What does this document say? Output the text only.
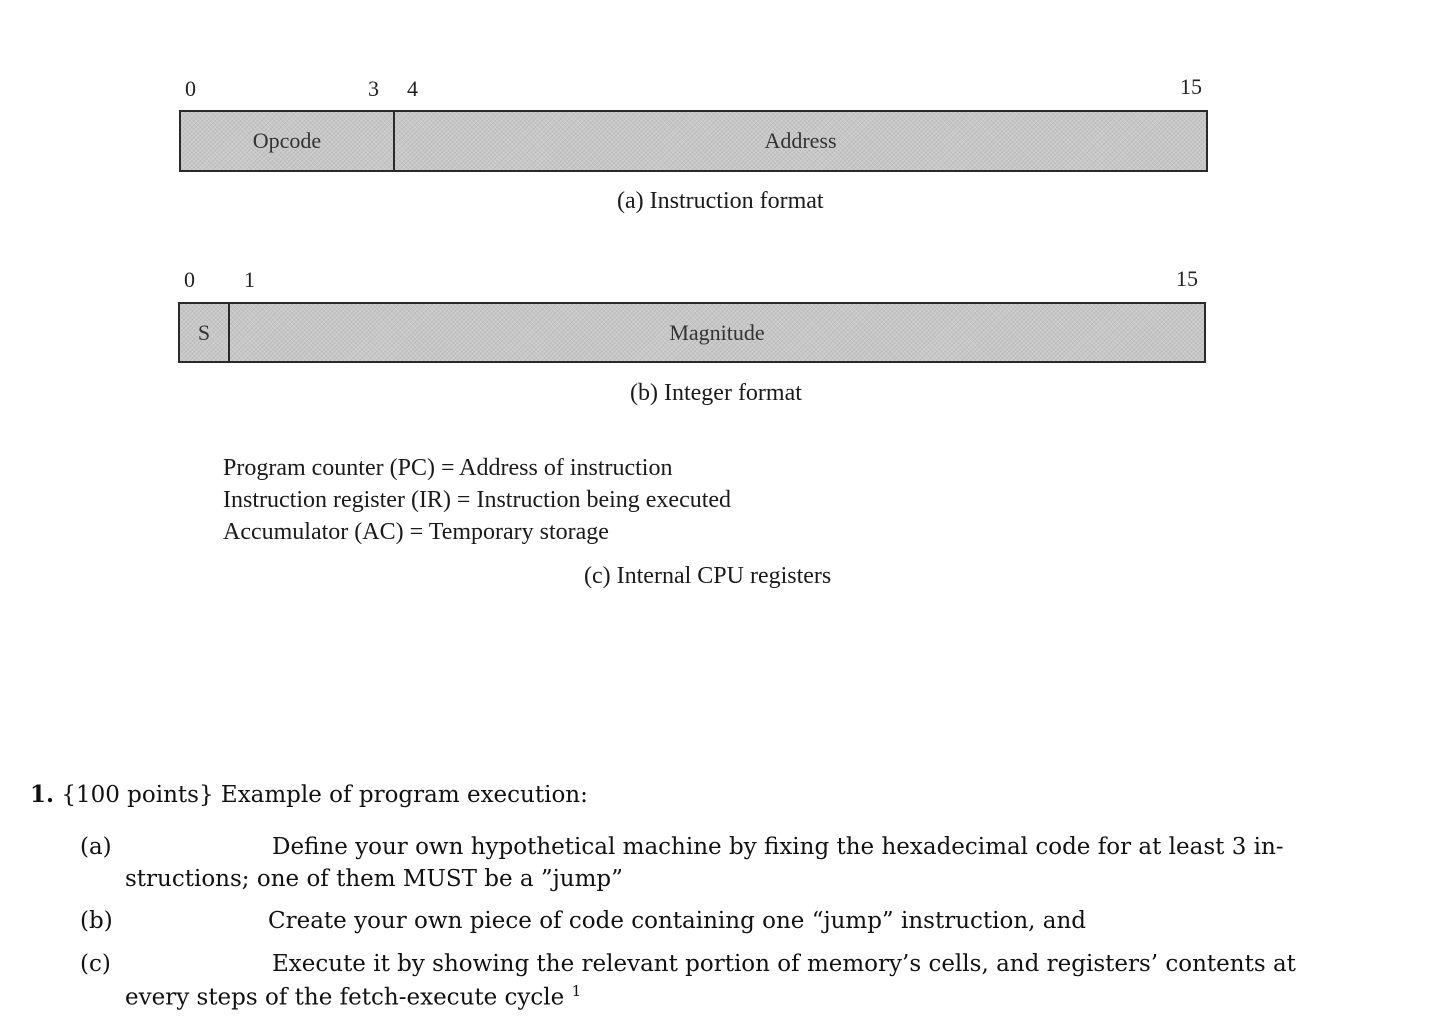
0	3 4	15
Opcode	Address
(a) Instruction format
0 1	15
S	Magnitude
(b) Integer format
Program counter (PC) = Address of instruction
Instruction register (IR) = Instruction being executed
Accumulator (AC) = Temporary storage
(c) Internal CPU registers
1. {100 points} Example of program execution:
(a)	Define your own hypothetical machine by fixing the hexadecimal code for at least 3 in-
structions; one of them MUST be a ”jump”
(b)	Create your own piece of code containing one “jump” instruction, and
(c)	Execute it by showing the relevant portion of memory’s cells, and registers’ contents at
every steps of the fetch-execute cycle $^1$
